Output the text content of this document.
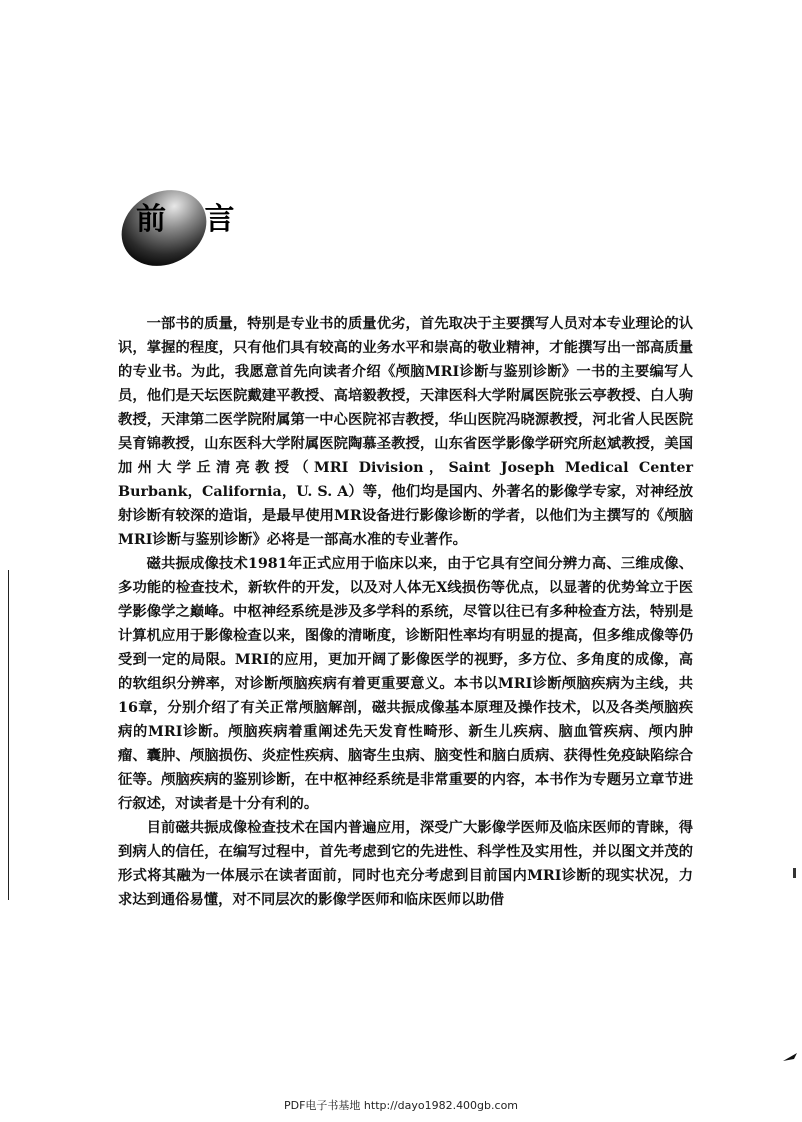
前 言

一部书的质量，特别是专业书的质量优劣，首先取决于主要撰写人员对本专业理论的认识，掌握的程度，只有他们具有较高的业务水平和崇高的敬业精神，才能撰写出一部高质量的专业书。为此，我愿意首先向读者介绍《颅脑MRI诊断与鉴别诊断》一书的主要编写人员，他们是天坛医院戴建平教授、高培毅教授，天津医科大学附属医院张云亭教授、白人驹教授，天津第二医学院附属第一中心医院祁吉教授，华山医院冯晓源教授，河北省人民医院吴育锦教授，山东医科大学附属医院陶慕圣教授，山东省医学影像学研究所赵斌教授，美国加州大学丘清亮教授（MRI Division，Saint Joseph Medical Center Burbank，California，U. S. A）等，他们均是国内、外著名的影像学专家，对神经放射诊断有较深的造诣，是最早使用MR设备进行影像诊断的学者，以他们为主撰写的《颅脑MRI诊断与鉴别诊断》必将是一部高水准的专业著作。

磁共振成像技术1981年正式应用于临床以来，由于它具有空间分辨力高、三维成像、多功能的检查技术，新软件的开发，以及对人体无X线损伤等优点，以显著的优势耸立于医学影像学之巅峰。中枢神经系统是涉及多学科的系统，尽管以往已有多种检查方法，特别是计算机应用于影像检查以来，图像的清晰度，诊断阳性率均有明显的提高，但多维成像等仍受到一定的局限。MRI的应用，更加开阔了影像医学的视野，多方位、多角度的成像，高的软组织分辨率，对诊断颅脑疾病有着更重要意义。本书以MRI诊断颅脑疾病为主线，共16章，分别介绍了有关正常颅脑解剖，磁共振成像基本原理及操作技术，以及各类颅脑疾病的MRI诊断。颅脑疾病着重阐述先天发育性畸形、新生儿疾病、脑血管疾病、颅内肿瘤、囊肿、颅脑损伤、炎症性疾病、脑寄生虫病、脑变性和脑白质病、获得性免疫缺陷综合征等。颅脑疾病的鉴别诊断，在中枢神经系统是非常重要的内容，本书作为专题另立章节进行叙述，对读者是十分有利的。

目前磁共振成像检查技术在国内普遍应用，深受广大影像学医师及临床医师的青睐，得到病人的信任，在编写过程中，首先考虑到它的先进性、科学性及实用性，并以图文并茂的形式将其融为一体展示在读者面前，同时也充分考虑到目前国内MRI诊断的现实状况，力求达到通俗易懂，对不同层次的影像学医师和临床医师以助借

PDF电子书基地 http://dayo1982.400gb.com
